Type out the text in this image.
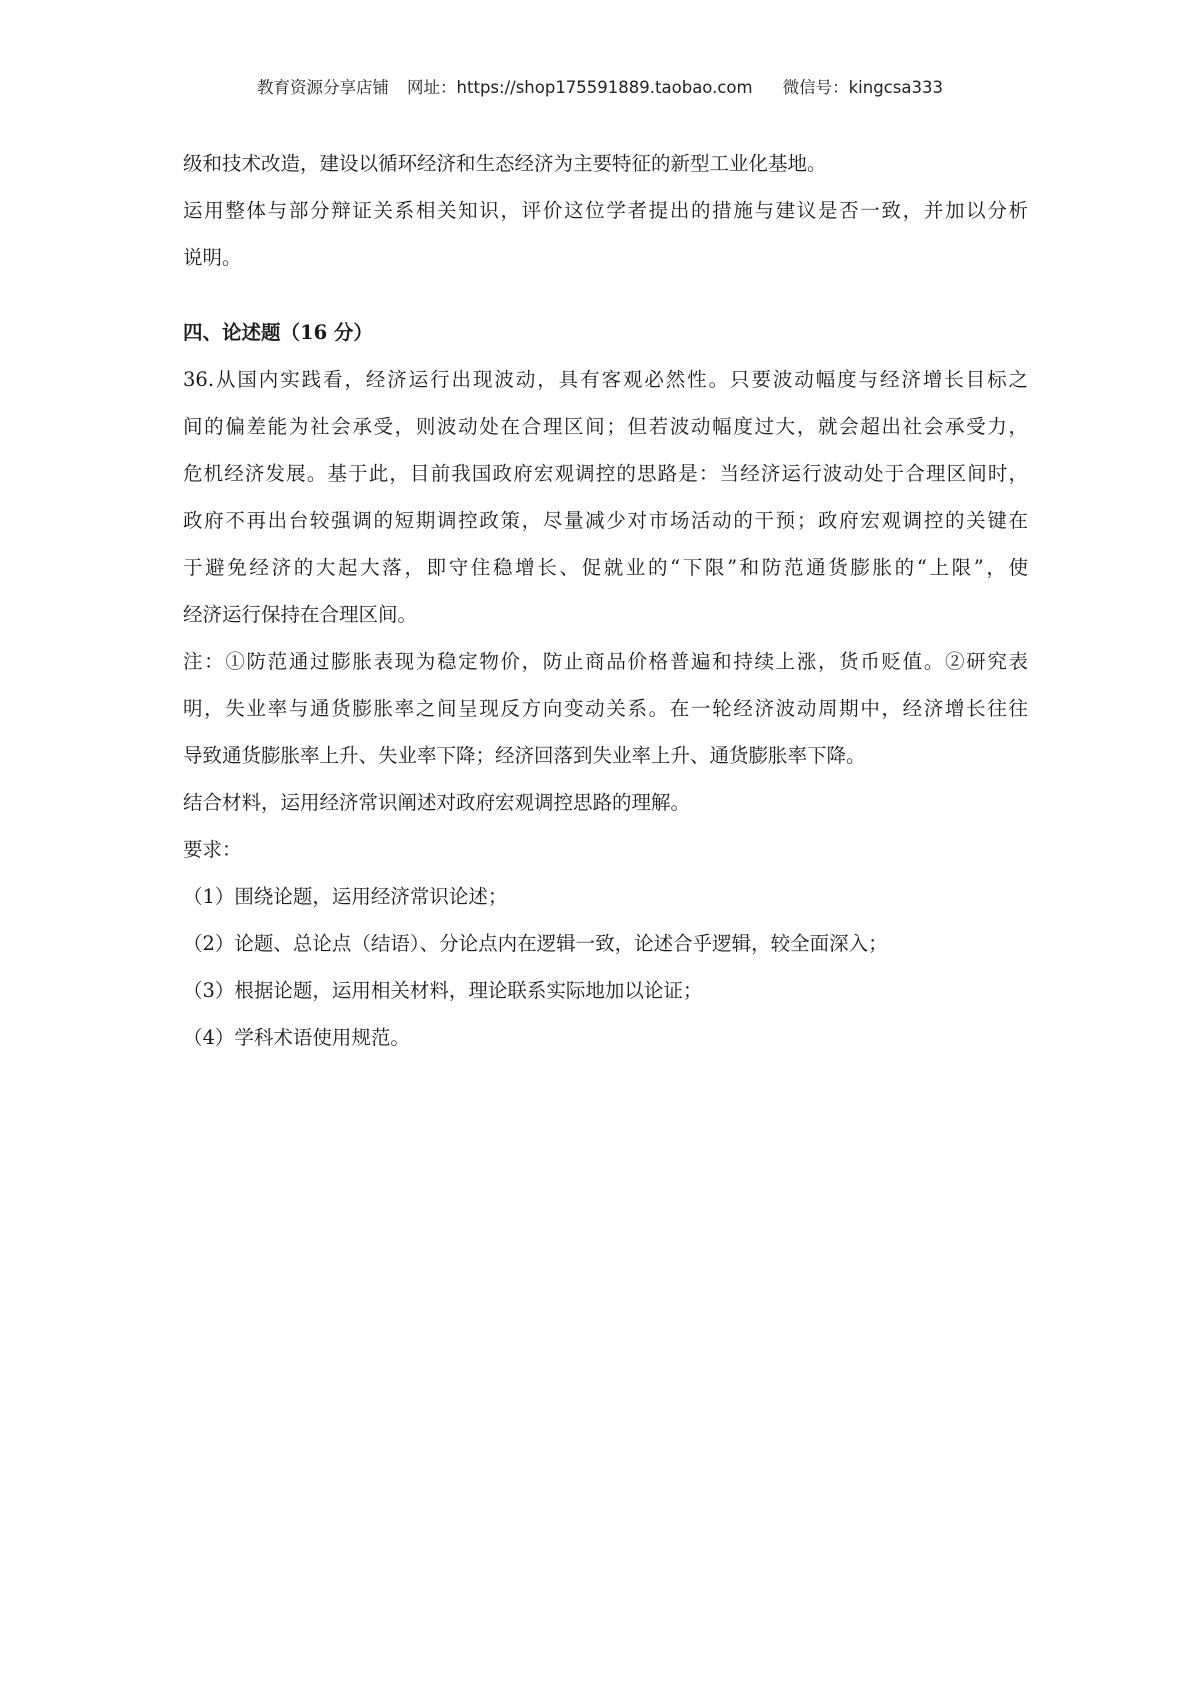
教育资源分享店铺 网址：https://shop175591889.taobao.com 微信号：kingcsa333
级和技术改造，建设以循环经济和生态经济为主要特征的新型工业化基地。
运用整体与部分辩证关系相关知识，评价这位学者提出的措施与建议是否一致，并加以分析
说明。
四、论述题（16 分）
36.从国内实践看，经济运行出现波动，具有客观必然性。只要波动幅度与经济增长目标之
间的偏差能为社会承受，则波动处在合理区间；但若波动幅度过大，就会超出社会承受力，
危机经济发展。基于此，目前我国政府宏观调控的思路是：当经济运行波动处于合理区间时，
政府不再出台较强调的短期调控政策，尽量减少对市场活动的干预；政府宏观调控的关键在
于避免经济的大起大落，即守住稳增长、促就业的“下限”和防范通货膨胀的“上限”，使
经济运行保持在合理区间。
注：①防范通过膨胀表现为稳定物价，防止商品价格普遍和持续上涨，货币贬值。②研究表
明，失业率与通货膨胀率之间呈现反方向变动关系。在一轮经济波动周期中，经济增长往往
导致通货膨胀率上升、失业率下降；经济回落到失业率上升、通货膨胀率下降。
结合材料，运用经济常识阐述对政府宏观调控思路的理解。
要求：
（1）围绕论题，运用经济常识论述；
（2）论题、总论点（结语）、分论点内在逻辑一致，论述合乎逻辑，较全面深入；
（3）根据论题，运用相关材料，理论联系实际地加以论证；
（4）学科术语使用规范。
